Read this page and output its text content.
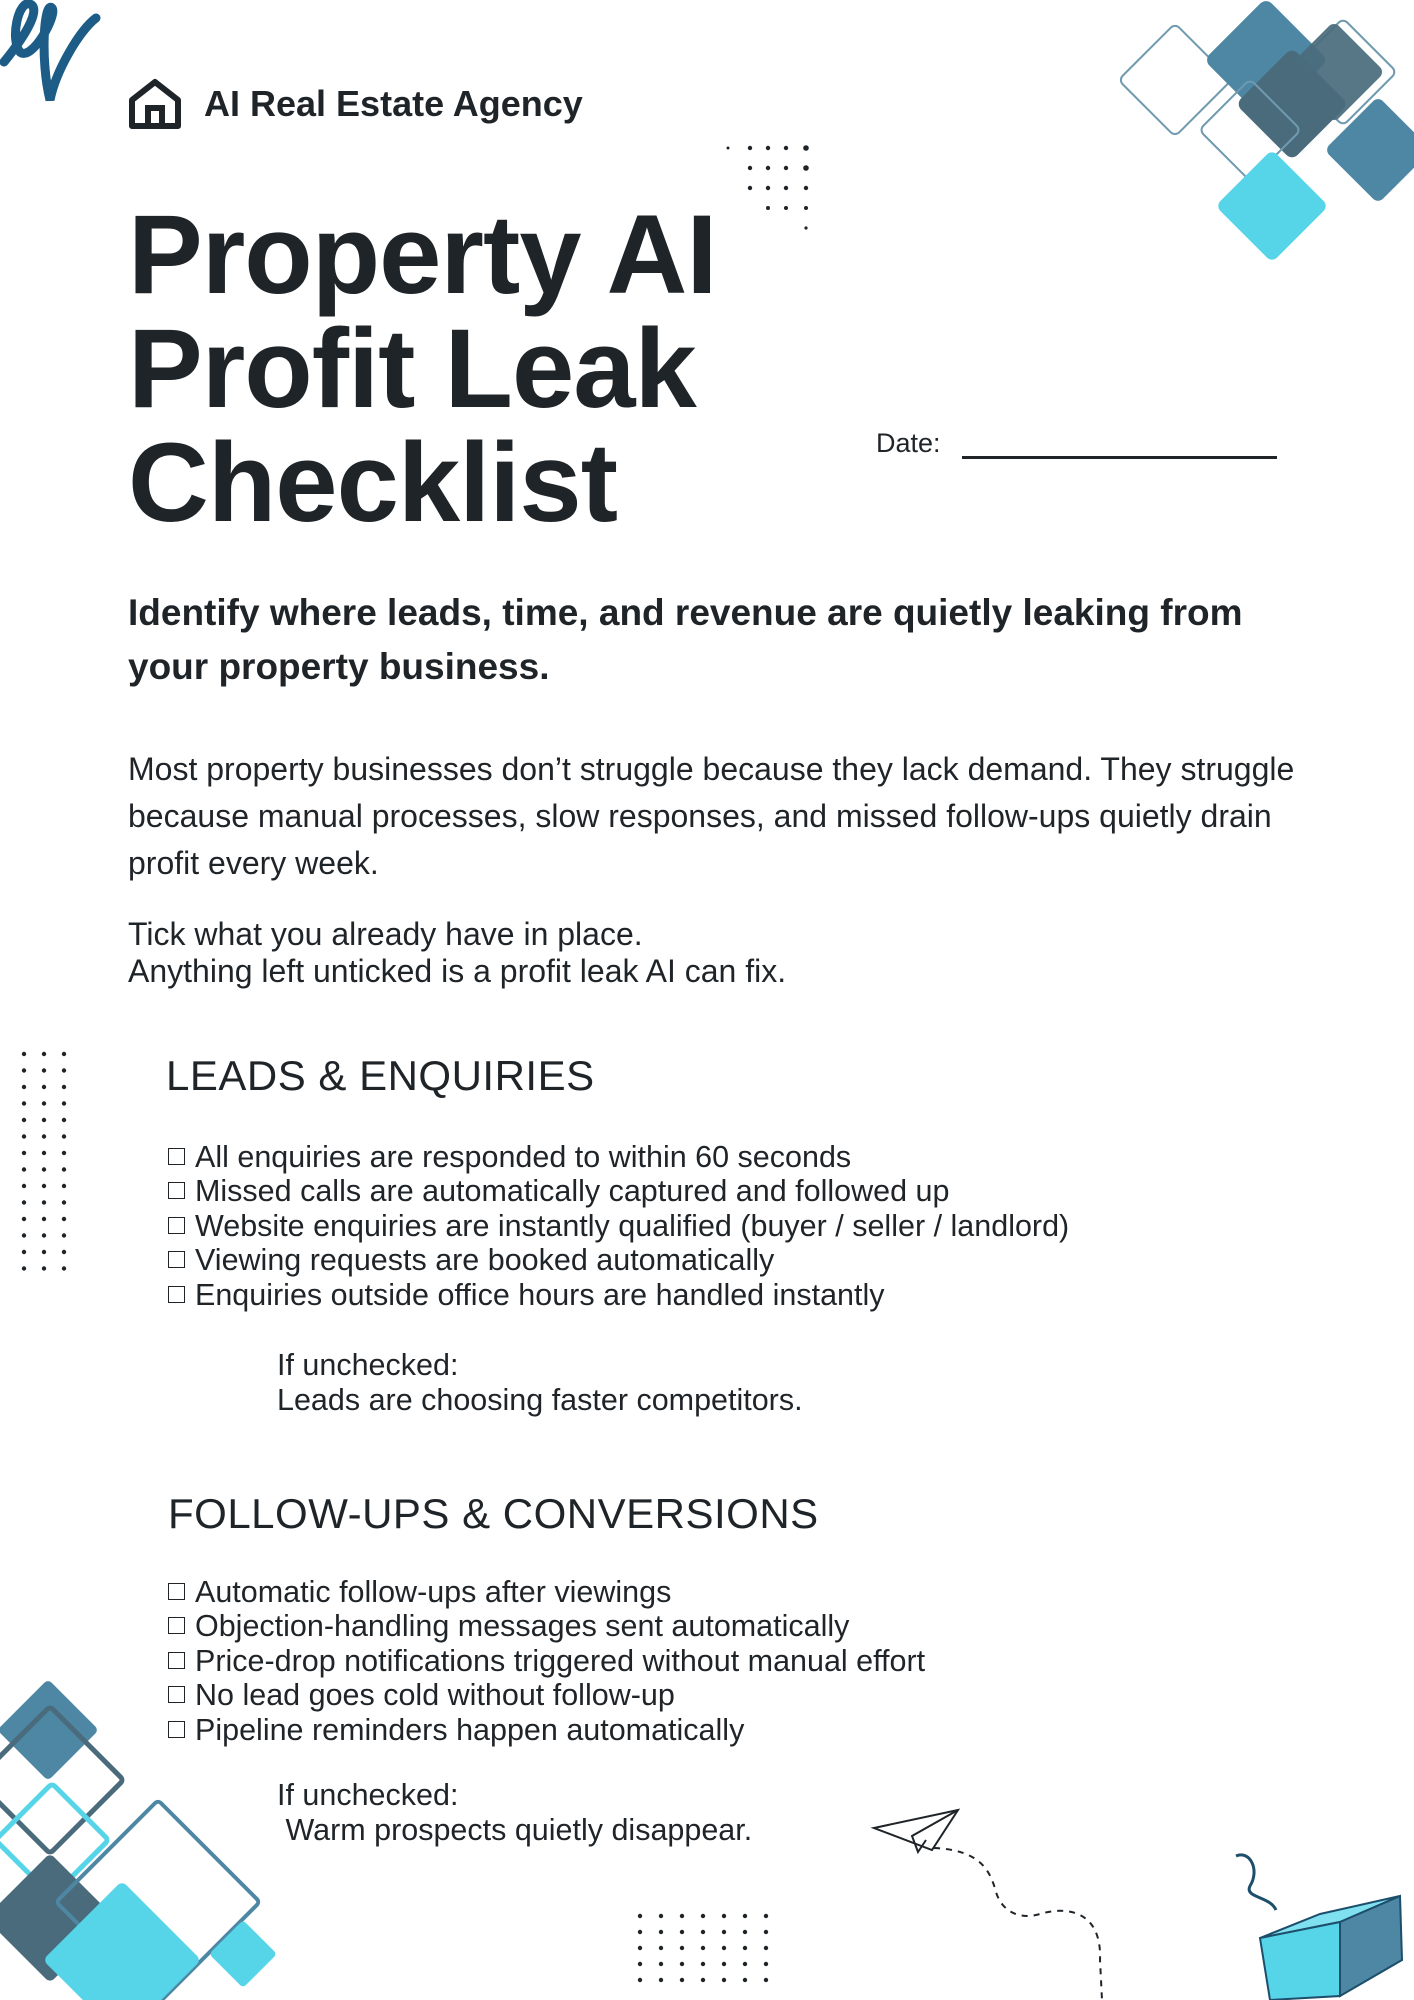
AI Real Estate Agency
Property AI
Profit Leak
Checklist	Date:
Identify where leads, time, and revenue are quietly leaking from your property business.
Most property businesses don’t struggle because they lack demand. They struggle because manual processes, slow responses, and missed follow-ups quietly drain profit every week.
Tick what you already have in place.
Anything left unticked is a profit leak AI can fix.
LEADS & ENQUIRIES
All enquiries are responded to within 60 seconds
Missed calls are automatically captured and followed up
Website enquiries are instantly qualified (buyer / seller / landlord)
Viewing requests are booked automatically
Enquiries outside office hours are handled instantly
If unchecked:
Leads are choosing faster competitors.
FOLLOW-UPS & CONVERSIONS
Automatic follow-ups after viewings
Objection-handling messages sent automatically
Price-drop notifications triggered without manual effort
No lead goes cold without follow-up
Pipeline reminders happen automatically
If unchecked:
Warm prospects quietly disappear.
